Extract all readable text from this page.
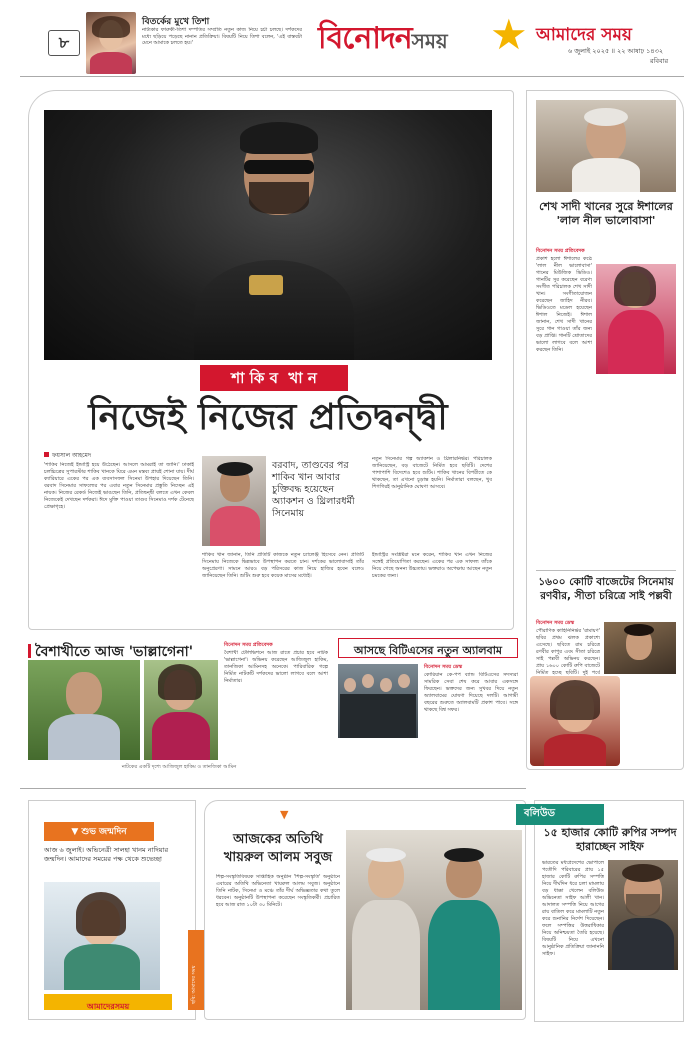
৮
বিতর্কের মুখে তিশা
নাট্যকার ফারুকী-তিশা দম্পতির সম্প্রতি নতুন কাজ নিয়ে চর্চা চলছে। দর্শকদের মধ্যে ছড়িয়ে পড়েছে নানান প্রতিক্রিয়া। বিষয়টি নিয়ে তিশা বলেন, 'এই বাস্তবটা মেনে আমাকে চলতে হয়।'	বিনোদনসময়	★ আমাদের সময়
৬ জুলাই ২০২৫ ॥ ২২ আষাঢ় ১৪৩২
রবিবার
শা কি ব  খা ন
নিজেই নিজের প্রতিদ্বন্দ্বী
ফয়সাল আহমেদ
'শাকিব নিজেই ইন্ডাস্ট্রি হয়ে উঠেছেন। আসলে আমরাই তা জানি।' ঢাকাই চলচ্চিত্রের সুপারস্টার শাকিব খানকে ঘিরে এমন মন্তব্য প্রায়ই শোনা যায়। দীর্ঘ ক্যারিয়ারে একের পর এক ব্যবসাসফল সিনেমা উপহার দিয়েছেন তিনি। বরবাদ সিনেমার সাফল্যের পর এবার নতুন সিনেমার প্রস্তুতি নিচ্ছেন এই নায়ক। নিজের রেকর্ড নিজেই ভাঙছেন তিনি, প্রতিদ্বন্দ্বী বলতে এখন কেবল নিজেকেই দেখছেন দর্শকরা। ঈদে মুক্তি পাওয়া তাণ্ডব সিনেমাও দর্শক টেনেছে প্রেক্ষাগৃহে।
বরবাদ, তাণ্ডবের পর শাকিব খান আবার চুক্তিবদ্ধ হয়েছেন অ্যাকশন ও থ্রিলারধর্মী সিনেমায়
শাকিব খান জানান, তিনি প্রতিটি কাজকে নতুন চ্যালেঞ্জ হিসেবে নেন। প্রতিটি সিনেমায় নিজেকে ভিন্নভাবে উপস্থাপন করতে চান। দর্শকের ভালোবাসাই তাঁর অনুপ্রেরণা। সামনে আরও বড় পরিসরের কাজ নিয়ে হাজির হবেন বলেও জানিয়েছেন তিনি। শুটিং শুরু হবে কয়েক মাসের মধ্যেই।
নতুন সিনেমার গল্প অ্যাকশন ও থ্রিলারনির্ভর। পরিচালক জানিয়েছেন, বড় বাজেটে নির্মিত হবে ছবিটি। দেশের পাশাপাশি বিদেশেও হবে শুটিং। শাকিব খানের বিপরীতে কে থাকছেন, তা এখনো চূড়ান্ত হয়নি। নির্মাতারা বলছেন, খুব শিগগিরই আনুষ্ঠানিক ঘোষণা আসবে।
ইন্ডাস্ট্রির সংশ্লিষ্টরা মনে করেন, শাকিব খান এখন নিজের সঙ্গেই প্রতিযোগিতা করছেন। একের পর এক সাফল্য তাঁকে নিয়ে গেছে অনন্য উচ্চতায়। ভক্তরাও অপেক্ষায় আছেন নতুন চমকের জন্য।
শেখ সাদী খানের সুরে ঈশালের 'লাল নীল ভালোবাসা'
বিনোদন সময় প্রতিবেদক
প্রকাশ হলো ঈশালের কণ্ঠে 'লাল নীল ভালোবাসা' গানের মিউজিক ভিডিও। গানটির সুর করেছেন বরেণ্য সংগীত পরিচালক শেখ সাদী খান। সংগীতায়োজন করেছেন জাহিদ নীরব। ভিডিওতে মডেল হয়েছেন ঈশাল নিজেই। ঈশাল জানান, শেখ সাদী খানের সুরে গান গাওয়া তাঁর জন্য বড় প্রাপ্তি। গানটি শ্রোতাদের ভালো লাগবে বলে আশা করছেন তিনি।
১৬০০ কোটি বাজেটের সিনেমায় রণবীর, সীতা চরিত্রে সাই পল্লবী
বিনোদন সময় ডেস্ক
পৌরাণিক কাহিনিনির্ভর 'রামায়ণ' ছবির প্রথম ঝলক প্রকাশ্যে এসেছে। ছবিতে রাম চরিত্রে রণবীর কাপুর এবং সীতা চরিত্রে সাই পল্লবী অভিনয় করছেন। প্রায় ১৬০০ কোটি রুপি বাজেটে নির্মিত হচ্ছে ছবিটি। দুই পর্বে
বৈশাখীতে আজ 'ভাল্লাগেনা'
নাটকের একটি দৃশ্যে আজিজুল হাকিম ও তানজিকা আমিন
বিনোদন সময় প্রতিবেদক
বৈশাখী টেলিভিশনে আজ রাতে প্রচার হবে নাটক 'ভাল্লাগেনা'। অভিনয় করেছেন আজিজুল হাকিম, তানজিকা আমিনসহ অনেকে। পারিবারিক গল্পে নির্মিত নাটকটি দর্শকদের ভালো লাগবে বলে আশা নির্মাতার।
আসছে বিটিএসের নতুন অ্যালবাম
বিনোদন সময় ডেস্ক
কোরিয়ান কে-পপ ব্যান্ড বিটিএসের সদস্যরা সামরিক সেবা শেষ করে আবার একসঙ্গে ফিরছেন। ভক্তদের জন্য সুখবর দিয়ে নতুন অ্যালবামের ঘোষণা দিয়েছে দলটি। আগামী বছরের শুরুতে অ্যালবামটি প্রকাশ পাবে। সঙ্গে থাকছে বিশ্ব সফর।
▼ শুভ জন্মদিন
আজ ৬ জুলাই। অভিনেত্রী সালহা খানম নাদিয়ার জন্মদিন। আমাদের সময়ের পক্ষ থেকে শুভেচ্ছা
আমাদেরসময়
ছবি: আমাদের সময়
▼
আজকের অতিথি
খায়রুল আলম সবুজ
শিল্প-সংস্কৃতিবিষয়ক সাপ্তাহিক অনুষ্ঠান 'শিল্প-সংস্কৃতি' অনুষ্ঠানে এবারের অতিথি অভিনেতা খায়রুল আলম সবুজ। অনুষ্ঠানে তিনি নাটক, সিনেমা ও মঞ্চে তাঁর দীর্ঘ অভিজ্ঞতার কথা তুলে ধরবেন। অনুষ্ঠানটি উপস্থাপনা করেছেন সংস্কৃতিকর্মী। প্রচারিত হবে আজ রাত ১০টা ৩০ মিনিটে।
বলিউড
১৫ হাজার কোটি রুপির সম্পদ হারাচ্ছেন সাইফ
ভারতের মধ্যপ্রদেশের ভোপালে পতৌদি পরিবারের প্রায় ১৫ হাজার কোটি রুপির সম্পত্তি নিয়ে দীর্ঘদিন ধরে চলা মামলায় বড় ধাক্কা খেলেন বলিউড অভিনেতা সাইফ আলী খান। আদালত সম্পত্তি নিয়ে আগের রায় বাতিল করে মামলাটি নতুন করে শুনানির নির্দেশ দিয়েছেন। ফলে সম্পত্তির উত্তরাধিকার নিয়ে অনিশ্চয়তা তৈরি হয়েছে। বিষয়টি নিয়ে এখনো আনুষ্ঠানিক প্রতিক্রিয়া জানাননি সাইফ।
